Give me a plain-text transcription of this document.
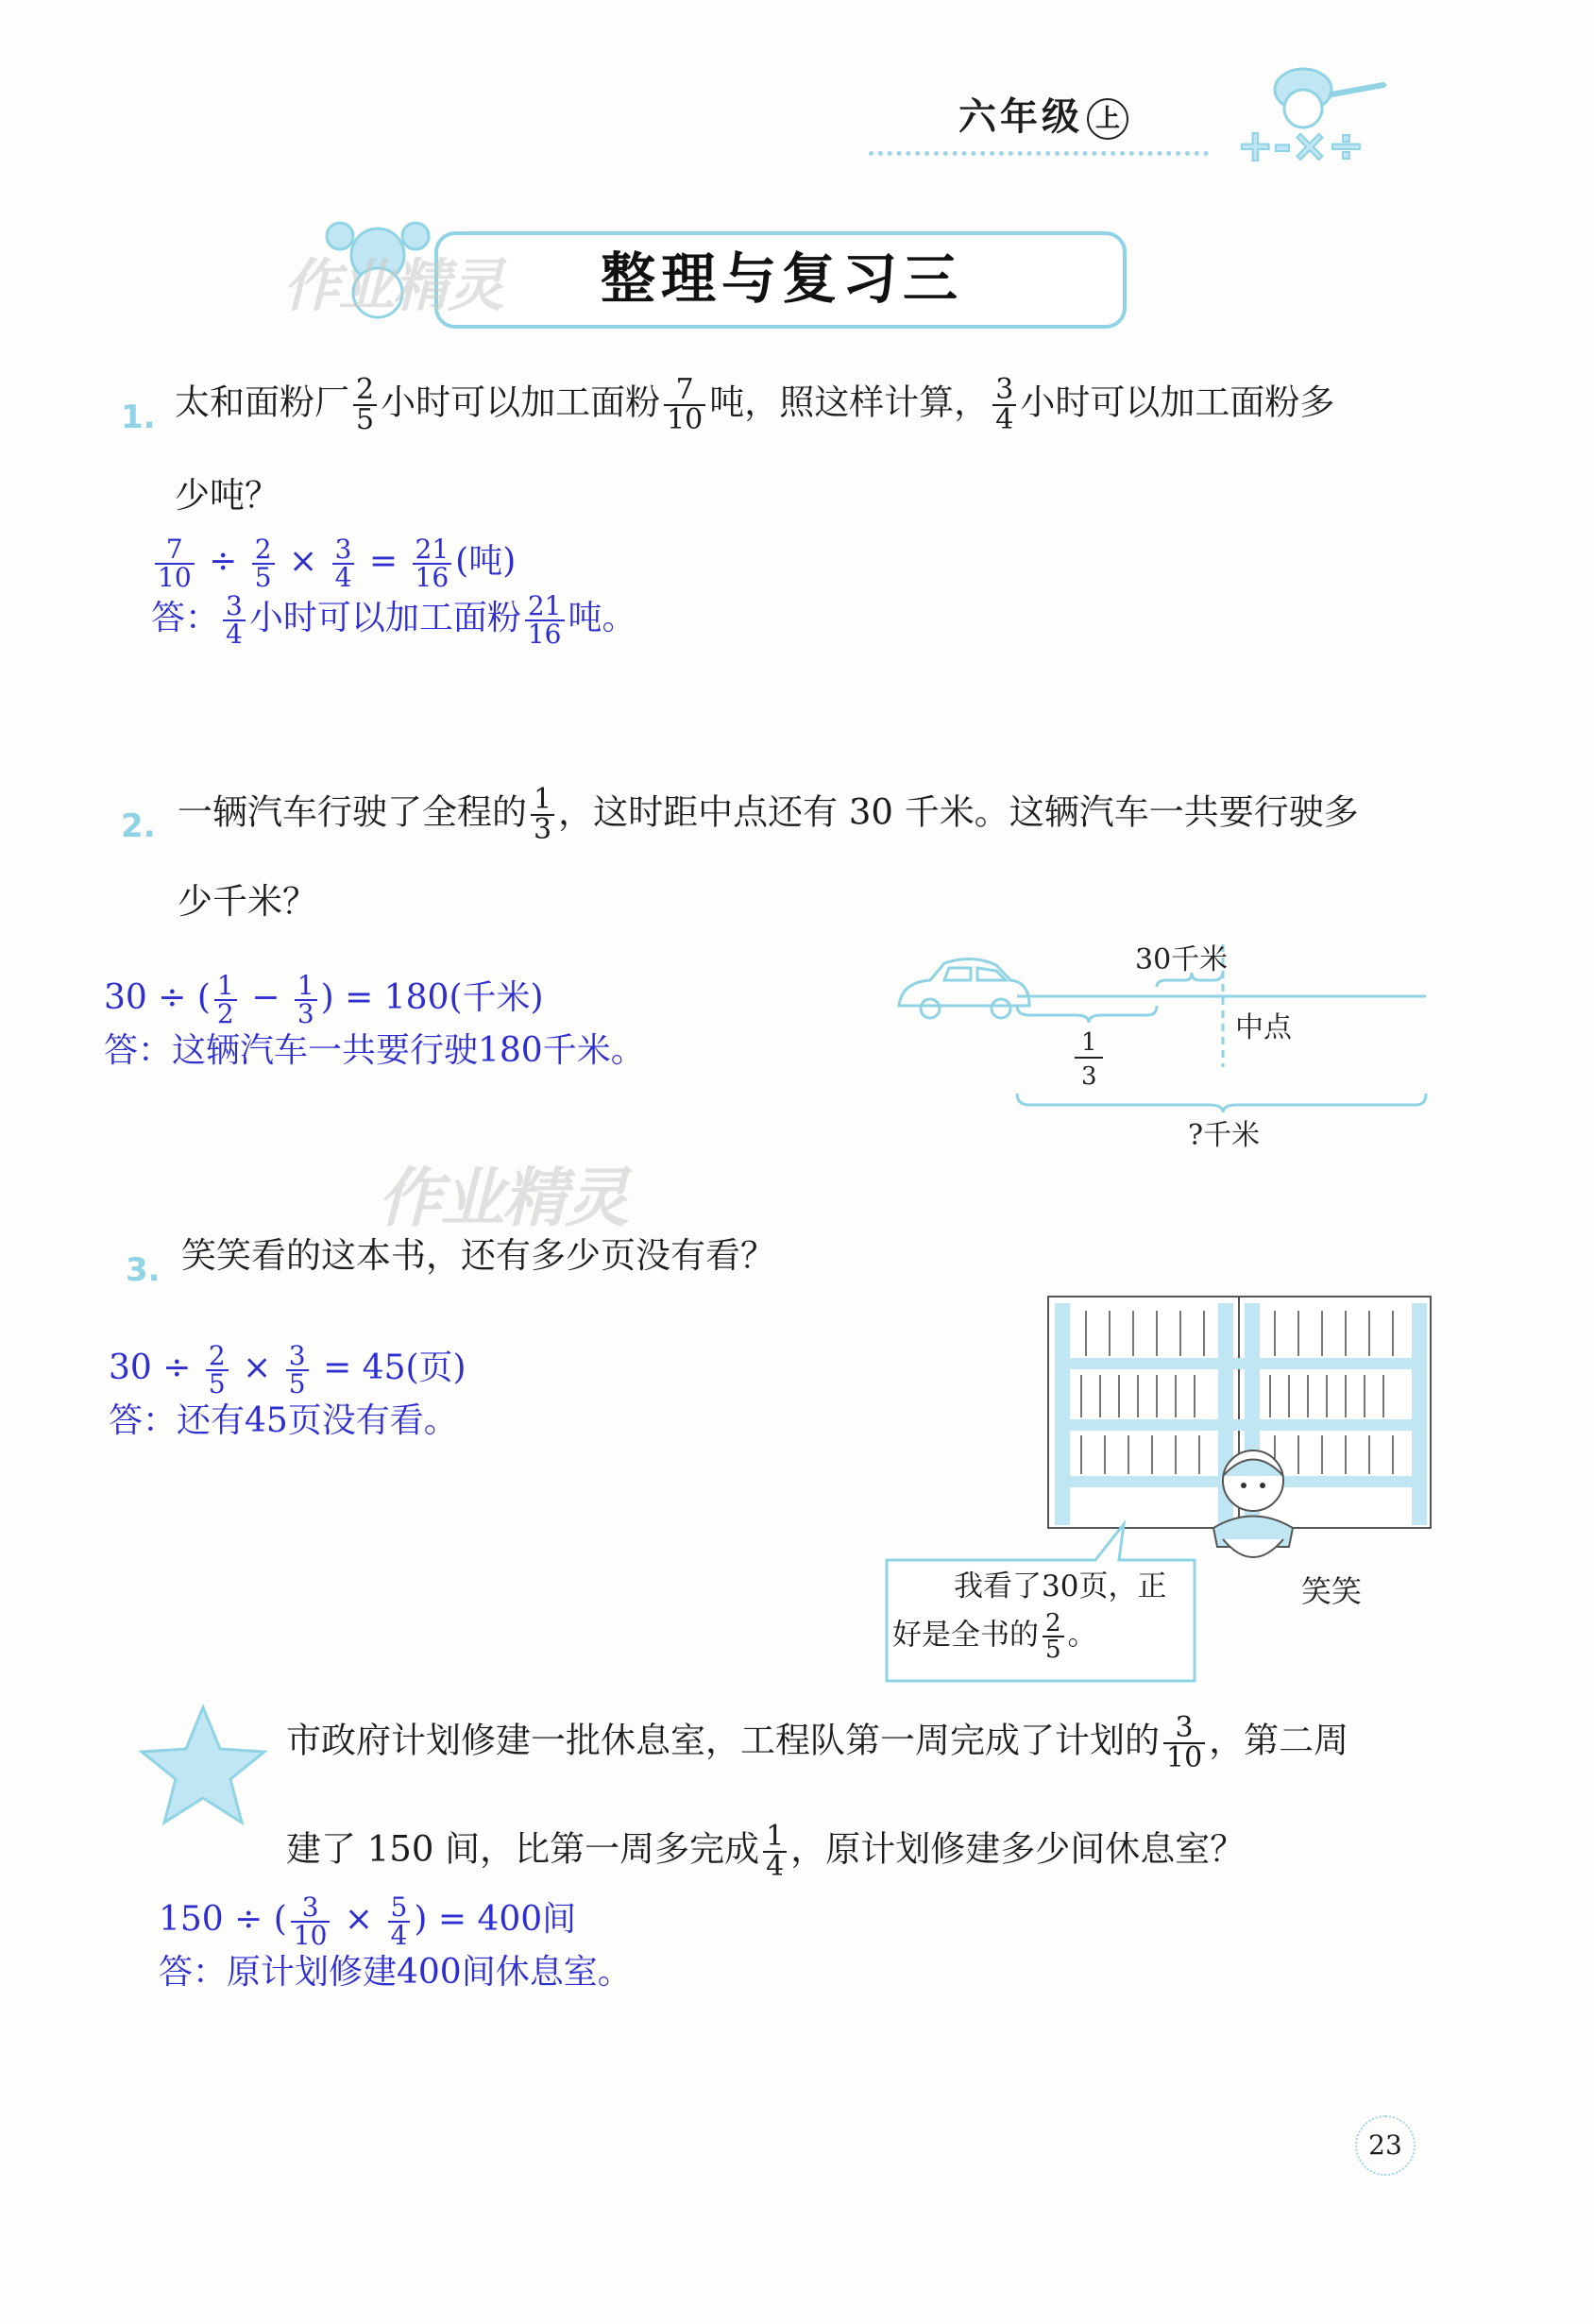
六年级 上
+-×÷
作业精灵	整理与复习三
1. 太和面粉厂 $\frac{2}{5}$ 小时可以加工面粉 $\frac{7}{10}$ 吨，照这样计算， $\frac{3}{4}$ 小时可以加工面粉多
少吨？
$\frac{7}{10} \div \frac{2}{5} \times \frac{3}{4} = \frac{21}{16}$ (吨)
答： $\frac{3}{4}$ 小时可以加工面粉 $\frac{21}{16}$ 吨。
2. 一辆汽车行驶了全程的 $\frac{1}{3}$ ，这时距中点还有 30 千米。这辆汽车一共要行驶多
少千米？
30 ÷ ( $\frac{1}{2} - \frac{1}{3}$ ) = 180(千米)
答：这辆汽车一共要行驶180千米。
30千米
中点
1
3
?千米
作业精灵
3. 笑笑看的这本书，还有多少页没有看？
$30 \div \frac{2}{5} \times \frac{3}{5} = 45$(页)
答：还有45页没有看。
笑笑
我看了30页，正
好是全书的 $\frac{2}{5}$ 。
市政府计划修建一批休息室，工程队第一周完成了计划的 $\frac{3}{10}$ ，第二周
建了 150 间，比第一周多完成 $\frac{1}{4}$ ，原计划修建多少间休息室？
150 ÷ ( $\frac{3}{10} \times \frac{5}{4}$ ) = 400间
答：原计划修建400间休息室。
23
